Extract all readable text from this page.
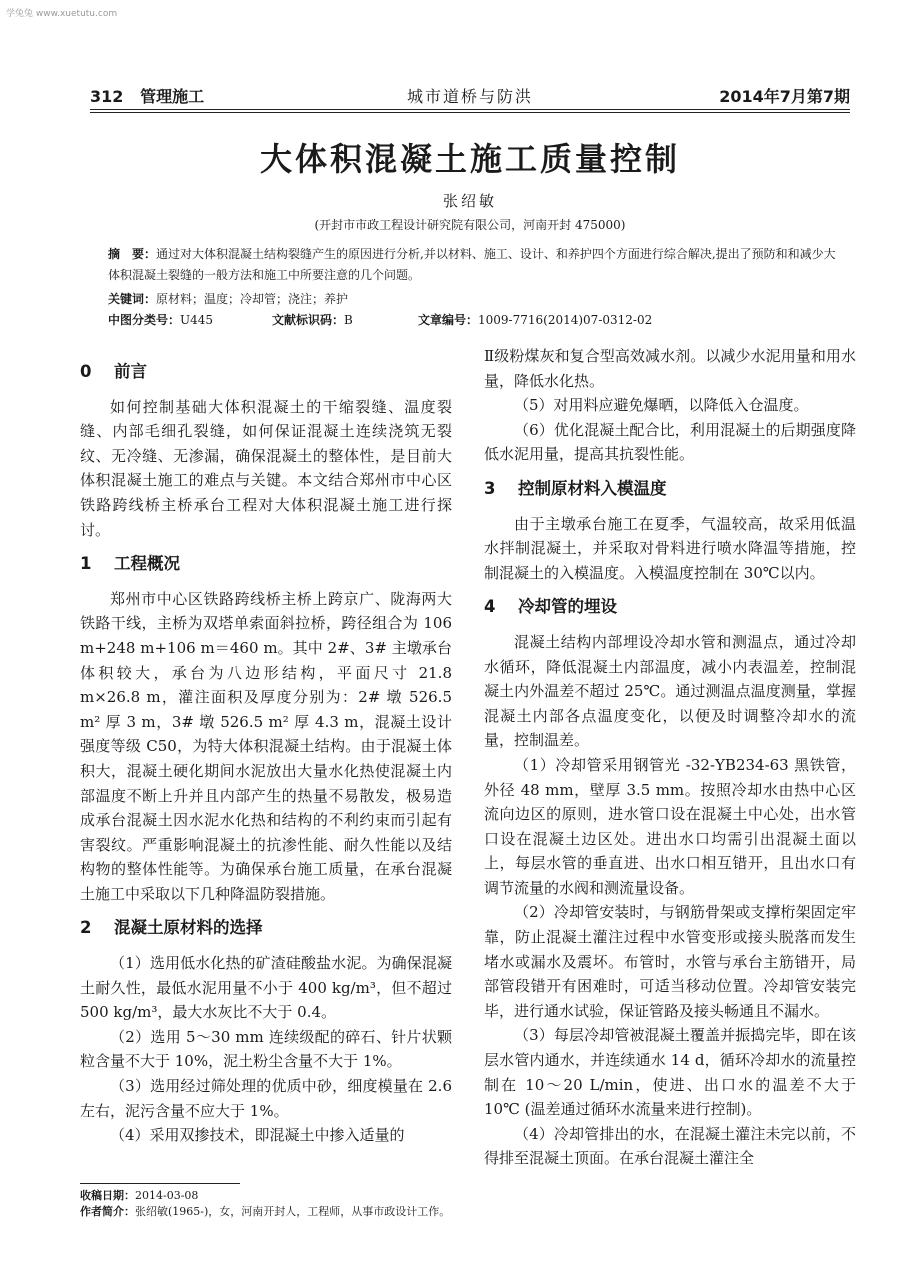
学兔兔 www.xuetutu.com
312 管理施工	城市道桥与防洪	2014年7月第7期
大体积混凝土施工质量控制
张绍敏
(开封市市政工程设计研究院有限公司，河南开封 475000)
摘　要：通过对大体积混凝土结构裂缝产生的原因进行分析,并以材料、施工、设计、和养护四个方面进行综合解决,提出了预防和和减少大体积混凝土裂缝的一般方法和施工中所要注意的几个问题。
关键词：原材料；温度；冷却管；浇注；养护
中图分类号：U445	文献标识码：B	文章编号：1009-7716(2014)07-0312-02
0 前言

如何控制基础大体积混凝土的干缩裂缝、温度裂缝、内部毛细孔裂缝，如何保证混凝土连续浇筑无裂纹、无冷缝、无渗漏，确保混凝土的整体性，是目前大体积混凝土施工的难点与关键。本文结合郑州市中心区铁路跨线桥主桥承台工程对大体积混凝土施工进行探讨。

1 工程概况

郑州市中心区铁路跨线桥主桥上跨京广、陇海两大铁路干线，主桥为双塔单索面斜拉桥，跨径组合为 106 m+248 m+106 m＝460 m。其中 2#、3# 主墩承台体积较大，承台为八边形结构，平面尺寸 21.8 m×26.8 m，灌注面积及厚度分别为：2# 墩 526.5 m² 厚 3 m，3# 墩 526.5 m² 厚 4.3 m，混凝土设计强度等级 C50，为特大体积混凝土结构。由于混凝土体积大，混凝土硬化期间水泥放出大量水化热使混凝土内部温度不断上升并且内部产生的热量不易散发，极易造成承台混凝土因水泥水化热和结构的不利约束而引起有害裂纹。严重影响混凝土的抗渗性能、耐久性能以及结构物的整体性能等。为确保承台施工质量，在承台混凝土施工中采取以下几种降温防裂措施。

2 混凝土原材料的选择

（1）选用低水化热的矿渣硅酸盐水泥。为确保混凝土耐久性，最低水泥用量不小于 400 kg/m³，但不超过 500 kg/m³，最大水灰比不大于 0.4。

（2）选用 5～30 mm 连续级配的碎石、针片状颗粒含量不大于 10%，泥土粉尘含量不大于 1%。

（3）选用经过筛处理的优质中砂，细度模量在 2.6 左右，泥污含量不应大于 1%。

（4）采用双掺技术，即混凝土中掺入适量的

收稿日期：2014-03-08
作者简介：张绍敏(1965-)，女，河南开封人，工程师，从事市政设计工作。

Ⅱ级粉煤灰和复合型高效减水剂。以减少水泥用量和用水量，降低水化热。

（5）对用料应避免爆晒，以降低入仓温度。

（6）优化混凝土配合比，利用混凝土的后期强度降低水泥用量，提高其抗裂性能。

3 控制原材料入模温度

由于主墩承台施工在夏季，气温较高，故采用低温水拌制混凝土，并采取对骨料进行喷水降温等措施，控制混凝土的入模温度。入模温度控制在 30℃以内。

4 冷却管的埋设

混凝土结构内部埋设冷却水管和测温点，通过冷却水循环，降低混凝土内部温度，减小内表温差，控制混凝土内外温差不超过 25℃。通过测温点温度测量，掌握混凝土内部各点温度变化，以便及时调整冷却水的流量，控制温差。

（1）冷却管采用钢管光 -32-YB234-63 黑铁管，外径 48 mm，壁厚 3.5 mm。按照冷却水由热中心区流向边区的原则，进水管口设在混凝土中心处，出水管口设在混凝土边区处。进出水口均需引出混凝土面以上，每层水管的垂直进、出水口相互错开，且出水口有调节流量的水阀和测流量设备。

（2）冷却管安装时，与钢筋骨架或支撑桁架固定牢靠，防止混凝土灌注过程中水管变形或接头脱落而发生堵水或漏水及震坏。布管时，水管与承台主筋错开，局部管段错开有困难时，可适当移动位置。冷却管安装完毕，进行通水试验，保证管路及接头畅通且不漏水。

（3）每层冷却管被混凝土覆盖并振捣完毕，即在该层水管内通水，并连续通水 14 d，循环冷却水的流量控制在 10～20 L/min，使进、出口水的温差不大于 10℃ (温差通过循环水流量来进行控制)。

（4）冷却管排出的水，在混凝土灌注未完以前，不得排至混凝土顶面。在承台混凝土灌注全
